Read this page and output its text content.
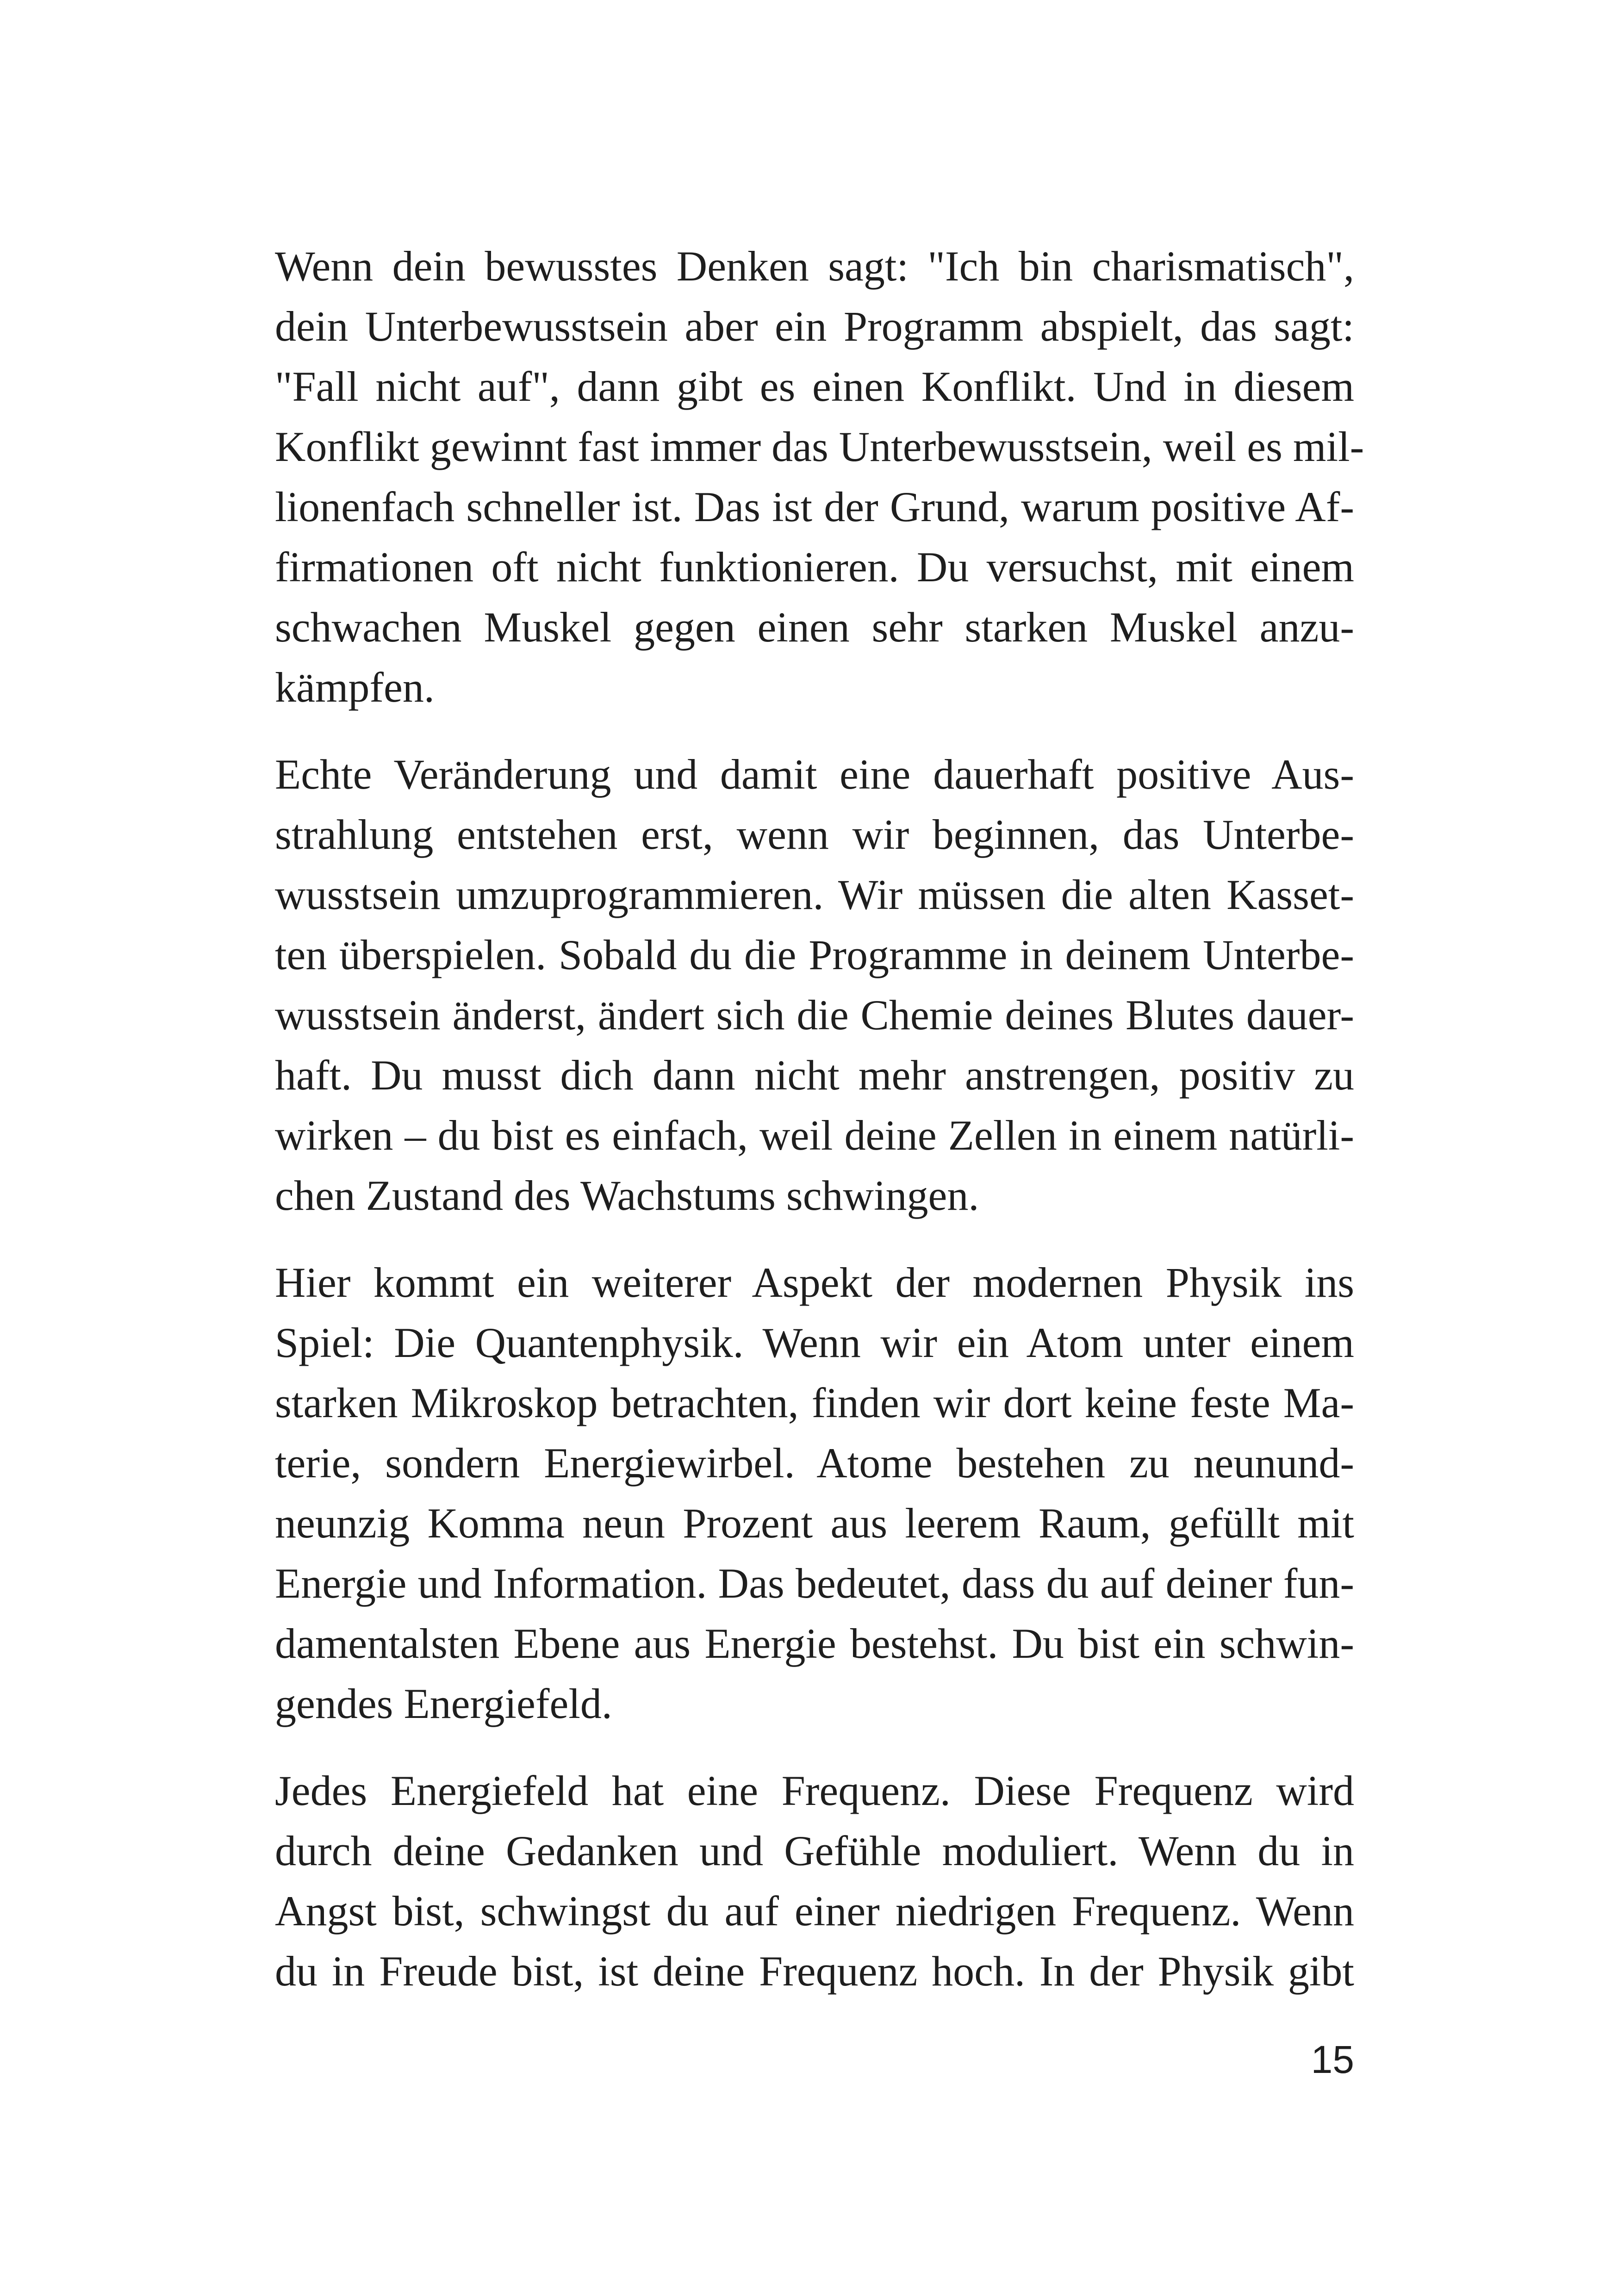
Wenn dein bewusstes Denken sagt: "Ich bin charismatisch",
dein Unterbewusstsein aber ein Programm abspielt, das sagt:
"Fall nicht auf", dann gibt es einen Konflikt. Und in diesem
Konflikt gewinnt fast immer das Unterbewusstsein, weil es mil-
lionenfach schneller ist. Das ist der Grund, warum positive Af-
firmationen oft nicht funktionieren. Du versuchst, mit einem
schwachen Muskel gegen einen sehr starken Muskel anzu-
kämpfen.

Echte Veränderung und damit eine dauerhaft positive Aus-
strahlung entstehen erst, wenn wir beginnen, das Unterbe-
wusstsein umzuprogrammieren. Wir müssen die alten Kasset-
ten überspielen. Sobald du die Programme in deinem Unterbe-
wusstsein änderst, ändert sich die Chemie deines Blutes dauer-
haft. Du musst dich dann nicht mehr anstrengen, positiv zu
wirken – du bist es einfach, weil deine Zellen in einem natürli-
chen Zustand des Wachstums schwingen.

Hier kommt ein weiterer Aspekt der modernen Physik ins
Spiel: Die Quantenphysik. Wenn wir ein Atom unter einem
starken Mikroskop betrachten, finden wir dort keine feste Ma-
terie, sondern Energiewirbel. Atome bestehen zu neunund-
neunzig Komma neun Prozent aus leerem Raum, gefüllt mit
Energie und Information. Das bedeutet, dass du auf deiner fun-
damentalsten Ebene aus Energie bestehst. Du bist ein schwin-
gendes Energiefeld.

Jedes Energiefeld hat eine Frequenz. Diese Frequenz wird
durch deine Gedanken und Gefühle moduliert. Wenn du in
Angst bist, schwingst du auf einer niedrigen Frequenz. Wenn
du in Freude bist, ist deine Frequenz hoch. In der Physik gibt

15
